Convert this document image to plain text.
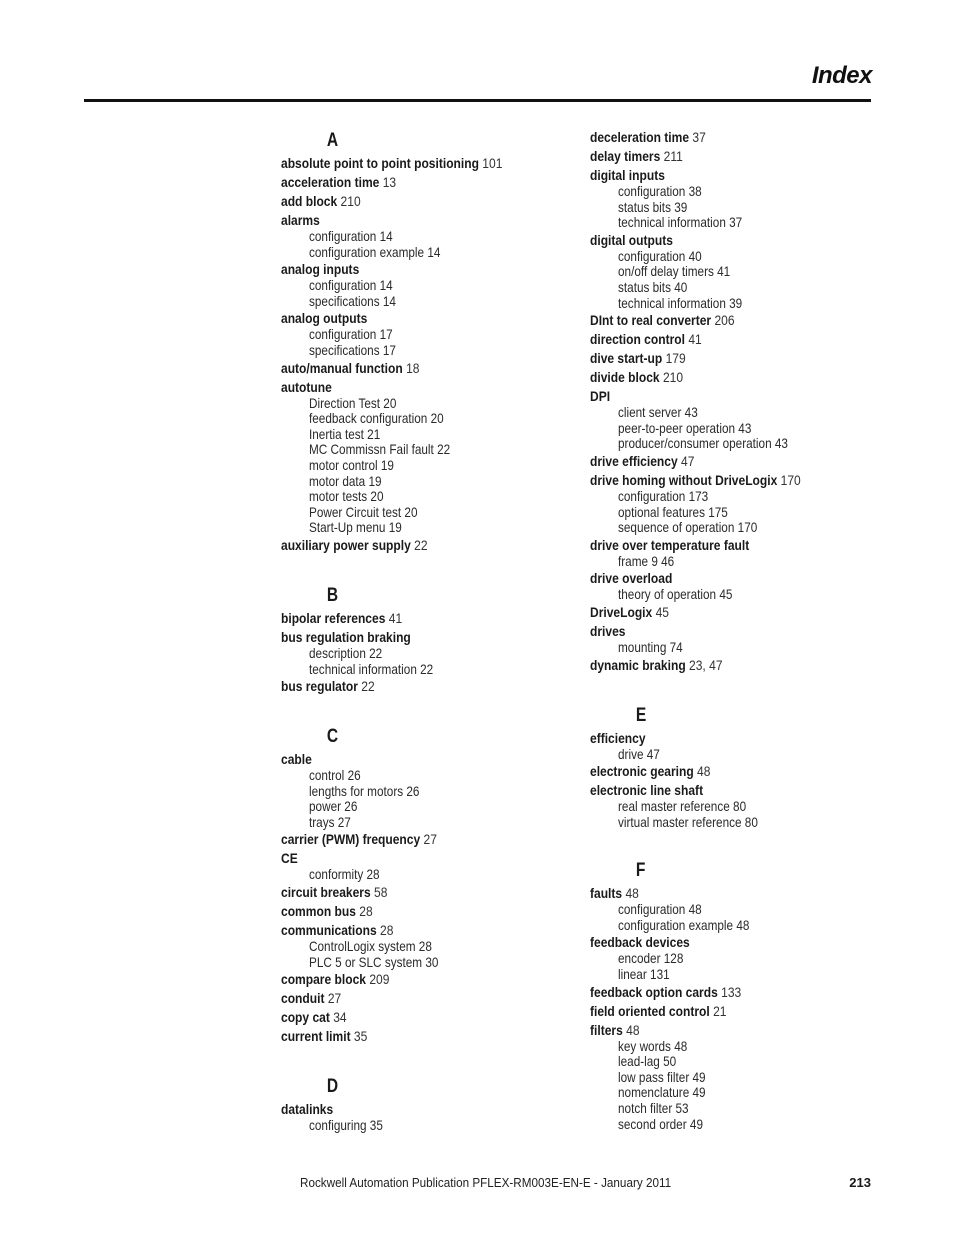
Index
A
absolute point to point positioning 101
acceleration time 13
add block 210
alarms
configuration 14
configuration example 14
analog inputs
configuration 14
specifications 14
analog outputs
configuration 17
specifications 17
auto/manual function 18
autotune
Direction Test 20
feedback configuration 20
Inertia test 21
MC Commissn Fail fault 22
motor control 19
motor data 19
motor tests 20
Power Circuit test 20
Start-Up menu 19
auxiliary power supply 22
B
bipolar references 41
bus regulation braking
description 22
technical information 22
bus regulator 22
C
cable
control 26
lengths for motors 26
power 26
trays 27
carrier (PWM) frequency 27
CE
conformity 28
circuit breakers 58
common bus 28
communications 28
ControlLogix system 28
PLC 5 or SLC system 30
compare block 209
conduit 27
copy cat 34
current limit 35
D
datalinks
configuring 35
deceleration time 37
delay timers 211
digital inputs
configuration 38
status bits 39
technical information 37
digital outputs
configuration 40
on/off delay timers 41
status bits 40
technical information 39
DInt to real converter 206
direction control 41
dive start-up 179
divide block 210
DPI
client server 43
peer-to-peer operation 43
producer/consumer operation 43
drive efficiency 47
drive homing without DriveLogix 170
configuration 173
optional features 175
sequence of operation 170
drive over temperature fault
frame 9 46
drive overload
theory of operation 45
DriveLogix 45
drives
mounting 74
dynamic braking 23, 47
E
efficiency
drive 47
electronic gearing 48
electronic line shaft
real master reference 80
virtual master reference 80
F
faults 48
configuration 48
configuration example 48
feedback devices
encoder 128
linear 131
feedback option cards 133
field oriented control 21
filters 48
key words 48
lead-lag 50
low pass filter 49
nomenclature 49
notch filter 53
second order 49
Rockwell Automation Publication PFLEX-RM003E-EN-E - January 2011	213
